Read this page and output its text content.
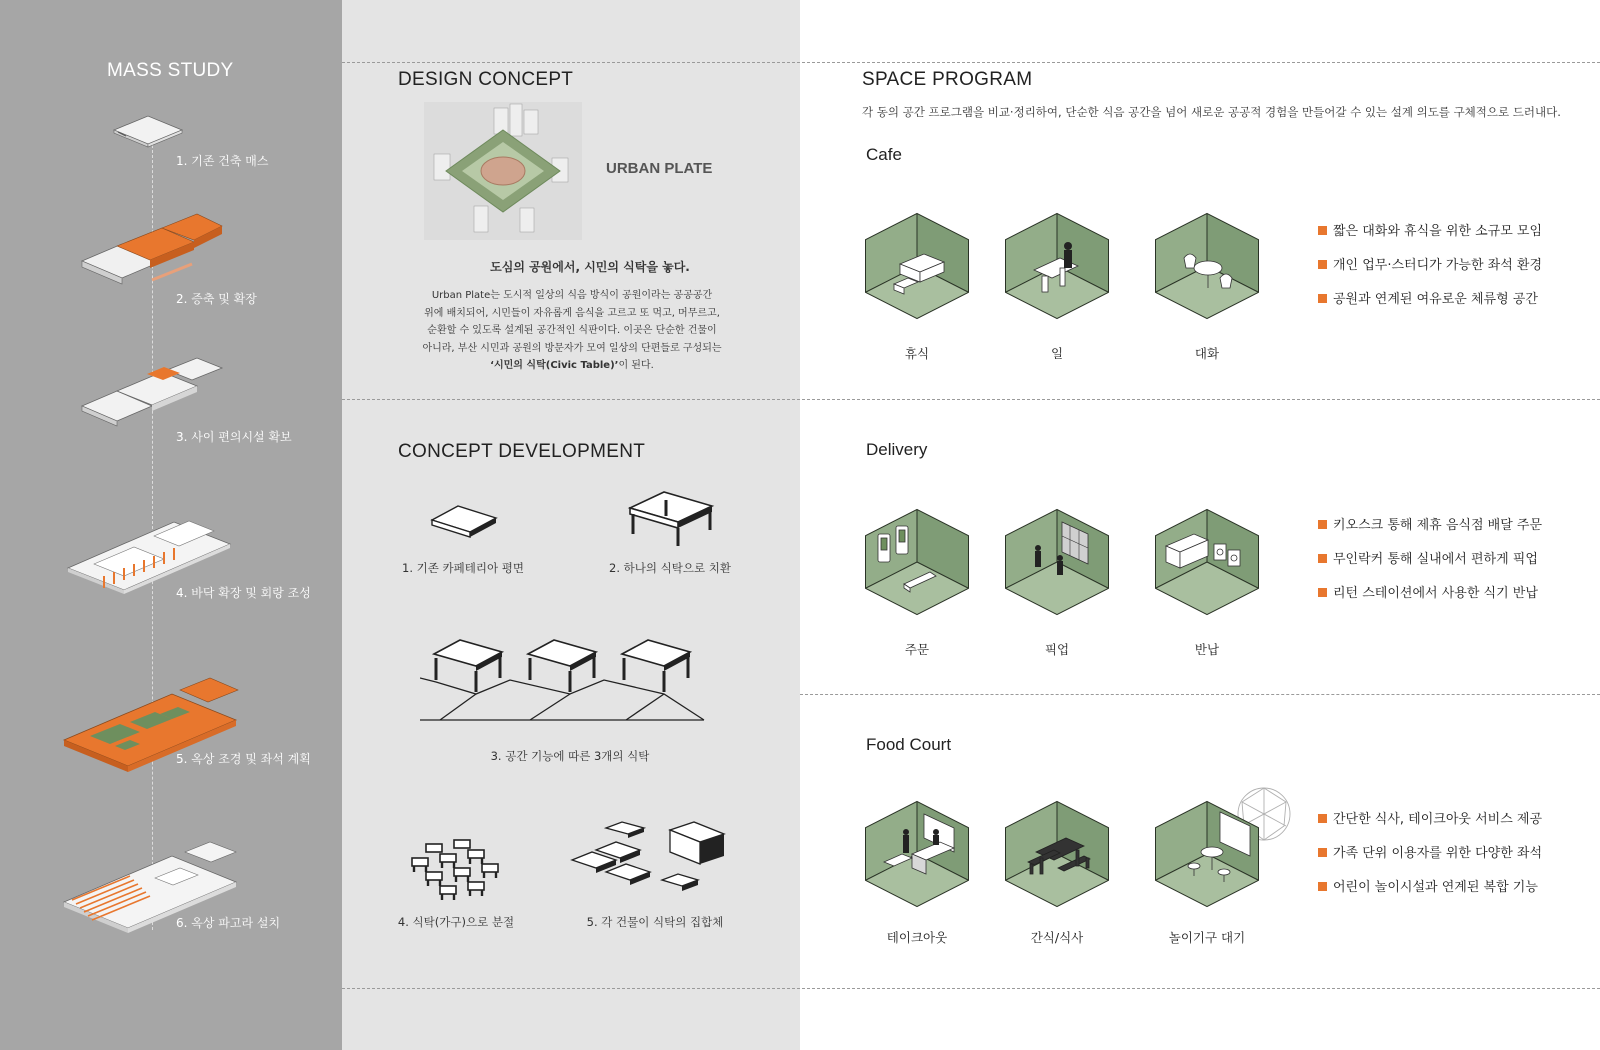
MASS STUDY
1. 기존 건축 매스
2. 증축 및 확장
3. 사이 편의시설 확보
4. 바닥 확장 및 회랑 조성
5. 옥상 조경 및 좌석 계획
6. 옥상 파고라 설치
DESIGN CONCEPT
URBAN PLATE
도심의 공원에서, 시민의 식탁을 놓다.
Urban Plate는 도시적 일상의 식음 방식이 공원이라는 공공공간
위에 배치되어, 시민들이 자유롭게 음식을 고르고 또 먹고, 머무르고,
순환할 수 있도록 설계된 공간적인 식판이다. 이곳은 단순한 건물이
아니라, 부산 시민과 공원의 방문자가 모여 일상의 단편들로 구성되는
‘시민의 식탁(Civic Table)’이 된다.
CONCEPT DEVELOPMENT
1. 기존 카페테리아 평면	2. 하나의 식탁으로 치환
3. 공간 기능에 따른 3개의 식탁
4. 식탁(가구)으로 분절	5. 각 건물이 식탁의 집합체
SPACE PROGRAM
각 동의 공간 프로그램을 비교·정리하여, 단순한 식음 공간을 넘어 새로운 공공적 경험을 만들어갈 수 있는 설계 의도를 구체적으로 드러내다.
Cafe
휴식	일	대화
짧은 대화와 휴식을 위한 소규모 모임
개인 업무·스터디가 가능한 좌석 환경
공원과 연계된 여유로운 체류형 공간
Delivery
주문	픽업	반납
키오스크 통해 제휴 음식점 배달 주문
무인락커 통해 실내에서 편하게 픽업
리턴 스테이션에서 사용한 식기 반납
Food Court
테이크아웃	간식/식사	놀이기구 대기
간단한 식사, 테이크아웃 서비스 제공
가족 단위 이용자를 위한 다양한 좌석
어린이 놀이시설과 연계된 복합 기능
